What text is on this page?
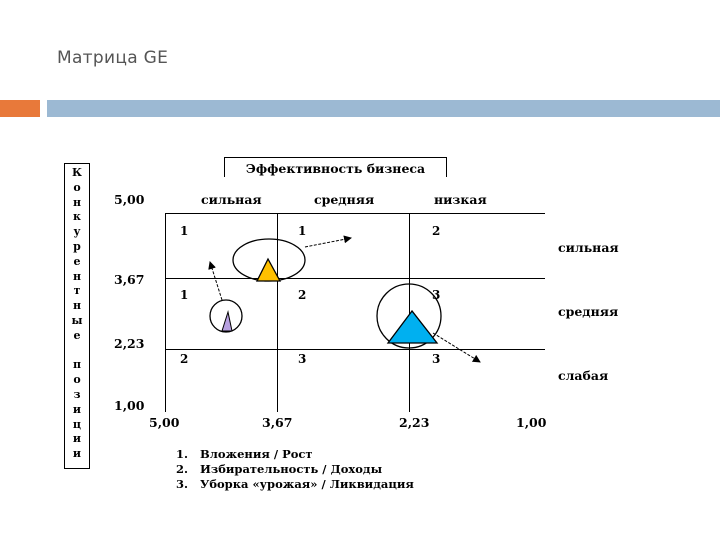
Матрица GE
К
о
н
к
у
р
е
н
т
н
ы
е
п
о
з
и
ц
и
и
Эффективность бизнеса
сильная	средняя	низкая
сильная
средняя
слабая
5,00
3,67
2,23
1,00
5,00	3,67	2,23	1,00
1	1	2
1	2	3
2	3	3
1. Вложения / Рост
2. Избирательность / Доходы
3. Уборка «урожая» / Ликвидация
